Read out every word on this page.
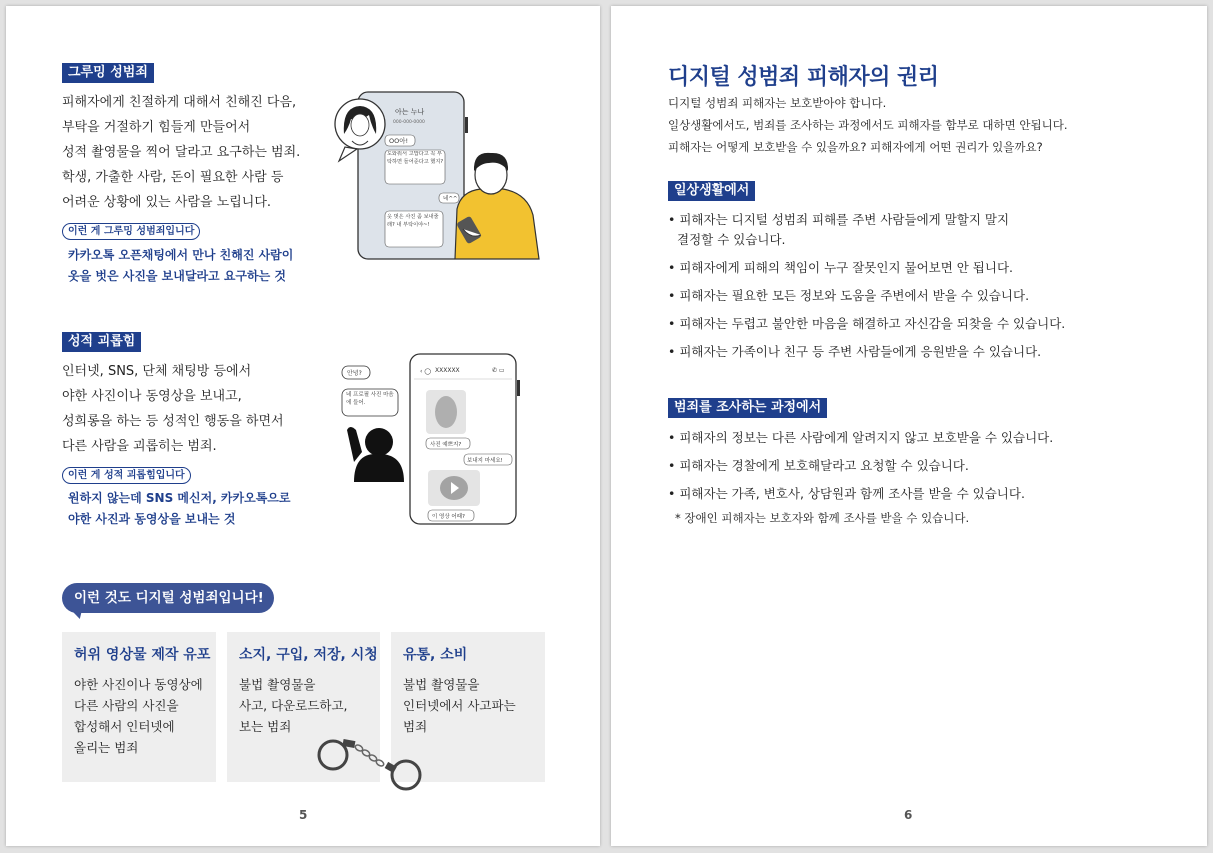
그루밍 성범죄
피해자에게 친절하게 대해서 친해진 다음,
부탁을 거절하기 힘들게 만들어서
성적 촬영물을 찍어 달라고 요구하는 범죄.
학생, 가출한 사람, 돈이 필요한 사람 등
어려운 상황에 있는 사람을 노립니다.
이런 게 그루밍 성범죄입니다
카카오톡 오픈채팅에서 만나 친해진 사람이
옷을 벗은 사진을 보내달라고 요구하는 것
아는 누나
000-000-0000
OO아!
도와줘서 고맙다고 꼭 부탁하면 들어준다고 했지?
네^^
옷 벗은 사진 좀 보내줄래? 내 부탁이야~!
성적 괴롭힘
인터넷, SNS, 단체 채팅방 등에서
야한 사진이나 동영상을 보내고,
성희롱을 하는 등 성적인 행동을 하면서
다른 사람을 괴롭히는 범죄.
이런 게 성적 괴롭힘입니다
원하지 않는데 SNS 메신저, 카카오톡으로
야한 사진과 동영상을 보내는 것
‹ ◯ XXXXXX	✆ ▭
사진 예쁘지?
보내지 마세요!
이 영상 어때?
안녕?
네 프로필 사진 마음에 들어.
이런 것도 디지털 성범죄입니다!
허위 영상물 제작 유포
야한 사진이나 동영상에
다른 사람의 사진을
합성해서 인터넷에
올리는 범죄
소지, 구입, 저장, 시청
불법 촬영물을
사고, 다운로드하고,
보는 범죄
유통, 소비
불법 촬영물을
인터넷에서 사고파는
범죄
5
디지털 성범죄 피해자의 권리
디지털 성범죄 피해자는 보호받아야 합니다.
일상생활에서도, 범죄를 조사하는 과정에서도 피해자를 함부로 대하면 안됩니다.
피해자는 어떻게 보호받을 수 있을까요? 피해자에게 어떤 권리가 있을까요?
일상생활에서
• 피해자는 디지털 성범죄 피해를 주변 사람들에게 말할지 말지
결정할 수 있습니다.
• 피해자에게 피해의 책임이 누구 잘못인지 물어보면 안 됩니다.
• 피해자는 필요한 모든 정보와 도움을 주변에서 받을 수 있습니다.
• 피해자는 두렵고 불안한 마음을 해결하고 자신감을 되찾을 수 있습니다.
• 피해자는 가족이나 친구 등 주변 사람들에게 응원받을 수 있습니다.
범죄를 조사하는 과정에서
• 피해자의 정보는 다른 사람에게 알려지지 않고 보호받을 수 있습니다.
• 피해자는 경찰에게 보호해달라고 요청할 수 있습니다.
• 피해자는 가족, 변호사, 상담원과 함께 조사를 받을 수 있습니다.
* 장애인 피해자는 보호자와 함께 조사를 받을 수 있습니다.
6
